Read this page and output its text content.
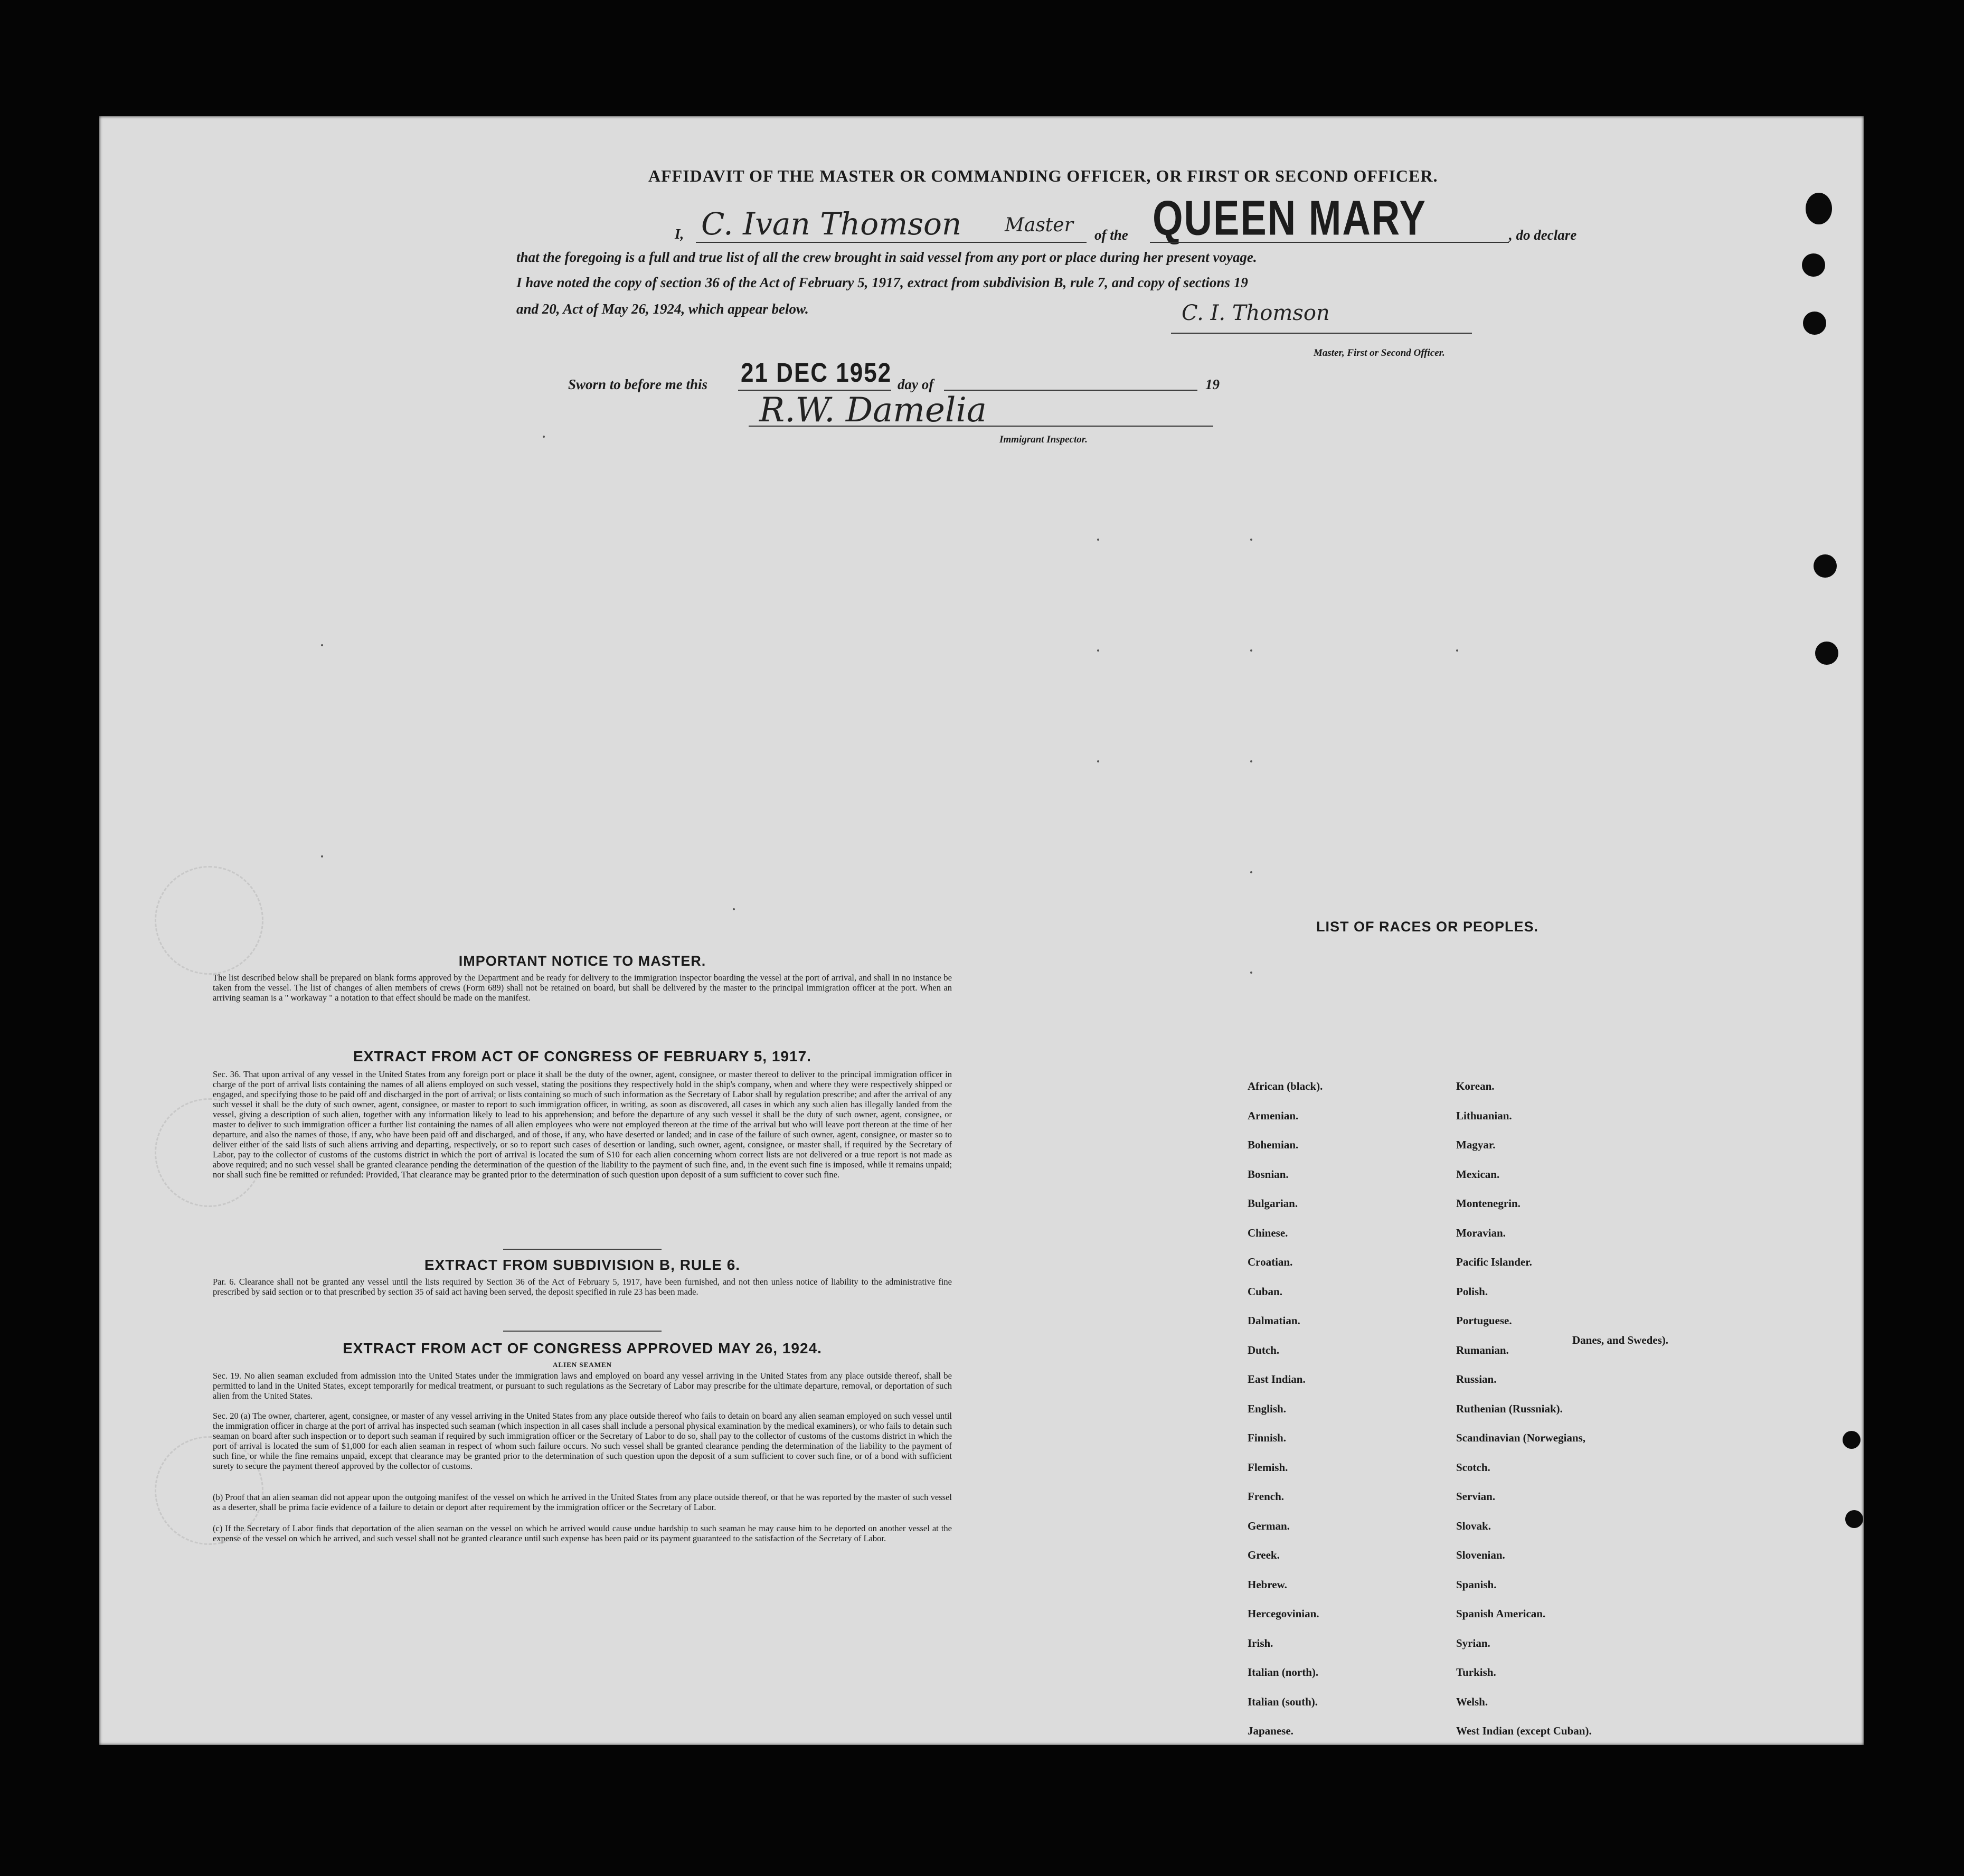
AFFIDAVIT OF THE MASTER OR COMMANDING OFFICER, OR FIRST OR SECOND OFFICER.
I, C. Ivan Thomson Master of the QUEEN MARY	, do declare
that the foregoing is a full and true list of all the crew brought in said vessel from any port or place during her present voyage.
I have noted the copy of section 36 of the Act of February 5, 1917, extract from subdivision B, rule 7, and copy of sections 19
and 20, Act of May 26, 1924, which appear below.	C. I. Thomson
Master, First or Second Officer.
Sworn to before me this 21 DEC 1952 day of	19
R.W. Damelia
Immigrant Inspector.
IMPORTANT NOTICE TO MASTER.
The list described below shall be prepared on blank forms approved by the Department and be ready for delivery to the immigration inspector boarding the vessel at the port of arrival, and shall in no instance be taken from the vessel. The list of changes of alien members of crews (Form 689) shall not be retained on board, but shall be delivered by the master to the principal immigration officer at the port. When an arriving seaman is a " workaway " a notation to that effect should be made on the manifest.
EXTRACT FROM ACT OF CONGRESS OF FEBRUARY 5, 1917.
Sec. 36. That upon arrival of any vessel in the United States from any foreign port or place it shall be the duty of the owner, agent, consignee, or master thereof to deliver to the principal immigration officer in charge of the port of arrival lists containing the names of all aliens employed on such vessel, stating the positions they respectively hold in the ship's company, when and where they were respectively shipped or engaged, and specifying those to be paid off and discharged in the port of arrival; or lists containing so much of such information as the Secretary of Labor shall by regulation prescribe; and after the arrival of any such vessel it shall be the duty of such owner, agent, consignee, or master to report to such immigration officer, in writing, as soon as discovered, all cases in which any such alien has illegally landed from the vessel, giving a description of such alien, together with any information likely to lead to his apprehension; and before the departure of any such vessel it shall be the duty of such owner, agent, consignee, or master to deliver to such immigration officer a further list containing the names of all alien employees who were not employed thereon at the time of the arrival but who will leave port thereon at the time of her departure, and also the names of those, if any, who have been paid off and discharged, and of those, if any, who have deserted or landed; and in case of the failure of such owner, agent, consignee, or master so to deliver either of the said lists of such aliens arriving and departing, respectively, or so to report such cases of desertion or landing, such owner, agent, consignee, or master shall, if required by the Secretary of Labor, pay to the collector of customs of the customs district in which the port of arrival is located the sum of $10 for each alien concerning whom correct lists are not delivered or a true report is not made as above required; and no such vessel shall be granted clearance pending the determination of the question of the liability to the payment of such fine, and, in the event such fine is imposed, while it remains unpaid; nor shall such fine be remitted or refunded: Provided, That clearance may be granted prior to the determination of such question upon deposit of a sum sufficient to cover such fine.
EXTRACT FROM SUBDIVISION B, RULE 6.
Par. 6. Clearance shall not be granted any vessel until the lists required by Section 36 of the Act of February 5, 1917, have been furnished, and not then unless notice of liability to the administrative fine prescribed by said section or to that prescribed by section 35 of said act having been served, the deposit specified in rule 23 has been made.
EXTRACT FROM ACT OF CONGRESS APPROVED MAY 26, 1924.
ALIEN SEAMEN
Sec. 19. No alien seaman excluded from admission into the United States under the immigration laws and employed on board any vessel arriving in the United States from any place outside thereof, shall be permitted to land in the United States, except temporarily for medical treatment, or pursuant to such regulations as the Secretary of Labor may prescribe for the ultimate departure, removal, or deportation of such alien from the United States.
Sec. 20 (a) The owner, charterer, agent, consignee, or master of any vessel arriving in the United States from any place outside thereof who fails to detain on board any alien seaman employed on such vessel until the immigration officer in charge at the port of arrival has inspected such seaman (which inspection in all cases shall include a personal physical examination by the medical examiners), or who fails to detain such seaman on board after such inspection or to deport such seaman if required by such immigration officer or the Secretary of Labor to do so, shall pay to the collector of customs of the customs district in which the port of arrival is located the sum of $1,000 for each alien seaman in respect of whom such failure occurs. No such vessel shall be granted clearance pending the determination of the liability to the payment of such fine, or while the fine remains unpaid, except that clearance may be granted prior to the determination of such question upon the deposit of a sum sufficient to cover such fine, or of a bond with sufficient surety to secure the payment thereof approved by the collector of customs.
(b) Proof that an alien seaman did not appear upon the outgoing manifest of the vessel on which he arrived in the United States from any place outside thereof, or that he was reported by the master of such vessel as a deserter, shall be prima facie evidence of a failure to detain or deport after requirement by the immigration officer or the Secretary of Labor.
(c) If the Secretary of Labor finds that deportation of the alien seaman on the vessel on which he arrived would cause undue hardship to such seaman he may cause him to be deported on another vessel at the expense of the vessel on which he arrived, and such vessel shall not be granted clearance until such expense has been paid or its payment guaranteed to the satisfaction of the Secretary of Labor.
LIST OF RACES OR PEOPLES.
African (black).
Armenian.
Bohemian.
Bosnian.
Bulgarian.
Chinese.
Croatian.
Cuban.
Dalmatian.
Dutch.
East Indian.
English.
Finnish.
Flemish.
French.
German.
Greek.
Hebrew.
Hercegovinian.
Irish.
Italian (north).
Italian (south).
Japanese.
Korean.
Lithuanian.
Magyar.
Mexican.
Montenegrin.
Moravian.
Pacific Islander.
Polish.
Portuguese.
Rumanian.
Russian.
Ruthenian (Russniak).
Scandinavian (Norwegians,
Scotch.
Servian.
Slovak.
Slovenian.
Spanish.
Spanish American.
Syrian.
Turkish.
Welsh.
West Indian (except Cuban).
Danes, and Swedes).
